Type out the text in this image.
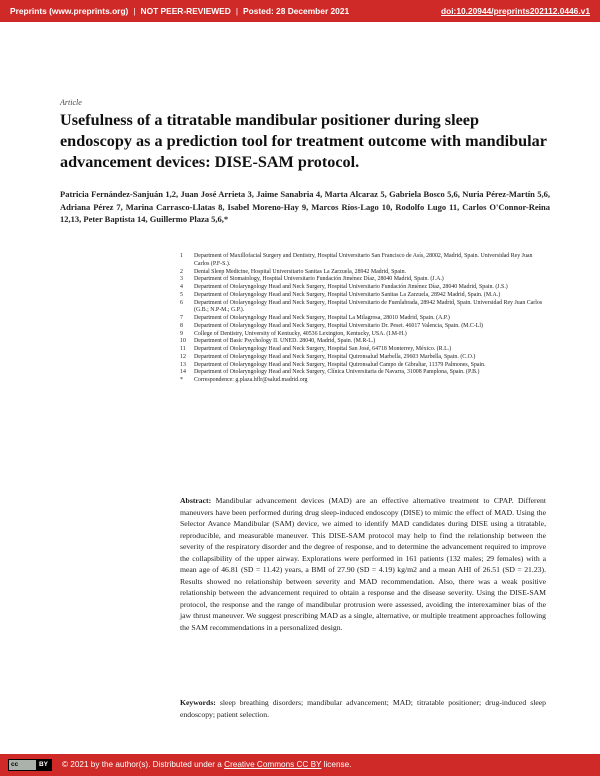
Preprints (www.preprints.org) | NOT PEER-REVIEWED | Posted: 28 December 2021	doi:10.20944/preprints202112.0446.v1
Article
Usefulness of a titratable mandibular positioner during sleep endoscopy as a prediction tool for treatment outcome with mandibular advancement devices: DISE-SAM protocol.
Patricia Fernández-Sanjuán 1,2, Juan José Arrieta 3, Jaime Sanabria 4, Marta Alcaraz 5, Gabriela Bosco 5,6, Nuria Pérez-Martín 5,6, Adriana Pérez 7, Marina Carrasco-Llatas 8, Isabel Moreno-Hay 9, Marcos Ríos-Lago 10, Rodolfo Lugo 11, Carlos O'Connor-Reina 12,13, Peter Baptista 14, Guillermo Plaza 5,6,*
1	Department of Maxillofacial Surgery and Dentistry, Hospital Universitario San Francisco de Asís, 28002, Madrid, Spain. Universidad Rey Juan Carlos (P.F-S.).
2	Dental Sleep Medicine, Hospital Universitario Sanitas La Zarzuela, 28942 Madrid, Spain.
3	Department of Stomatology, Hospital Universitario Fundación Jiménez Díaz, 28040 Madrid, Spain. (J.A.)
4	Department of Otolaryngology Head and Neck Surgery, Hospital Universitario Fundación Jiménez Díaz, 28040 Madrid, Spain. (J.S.)
5	Department of Otolaryngology Head and Neck Surgery, Hospital Universitario Sanitas La Zarzuela, 28942 Madrid, Spain. (M.A.)
6	Department of Otolaryngology Head and Neck Surgery, Hospital Universitario de Fuenlabrada, 28942 Madrid, Spain. Universidad Rey Juan Carlos (G.B.; N.P-M.; G.P.).
7	Department of Otolaryngology Head and Neck Surgery, Hospital La Milagrosa, 28010 Madrid, Spain. (A.P.)
8	Department of Otolaryngology Head and Neck Surgery, Hospital Universitario Dr. Peset. 46017 Valencia, Spain. (M.C-Ll)
9	College of Dentistry, University of Kentucky, 40536 Lexington, Kentucky, USA. (I.M-H.)
10	Department of Basic Psychology II. UNED. 28040, Madrid, Spain. (M.R-L.)
11	Department of Otolaryngology Head and Neck Surgery, Hospital San José, 64718 Monterrey, México. (R.L.)
12	Department of Otolaryngology Head and Neck Surgery, Hospital Quironsalud Marbella, 29603 Marbella, Spain. (C.O.)
13	Department of Otolaryngology Head and Neck Surgery, Hospital Quironsalud Campo de Gibraltar, 11379 Palmones, Spain.
14	Department of Otolaryngology Head and Neck Surgery, Clínica Universitaria de Navarra, 31008 Pamplona, Spain. (P.B.)
*	Correspondence: g.plaza.hflr@salud.madrid.org

Abstract: Mandibular advancement devices (MAD) are an effective alternative treatment to CPAP. Different maneuvers have been performed during drug sleep-induced endoscopy (DISE) to mimic the effect of MAD. Using the Selector Avance Mandibular (SAM) device, we aimed to identify MAD candidates during DISE using a titratable, reproducible, and measurable maneuver. This DISE-SAM protocol may help to find the relationship between the severity of the respiratory disorder and the degree of response, and to determine the advancement required to improve the collapsibility of the upper airway. Explorations were performed in 161 patients (132 males; 29 females) with a mean age of 46.81 (SD = 11.42) years, a BMI of 27.90 (SD = 4.19) kg/m2 and a mean AHI of 26.51 (SD = 21.23). Results showed no relationship between severity and MAD recommendation. Also, there was a weak positive relationship between the advancement required to obtain a response and the disease severity. Using the DISE-SAM protocol, the response and the range of mandibular protrusion were assessed, avoiding the interexaminer bias of the jaw thrust maneuver. We suggest prescribing MAD as a single, alternative, or multiple treatment approaches following the SAM recommendations in a personalized design.

Keywords: sleep breathing disorders; mandibular advancement; MAD; titratable positioner; drug-induced sleep endoscopy; patient selection.

cc	BY	© 2021 by the author(s). Distributed under a Creative Commons CC BY license.
